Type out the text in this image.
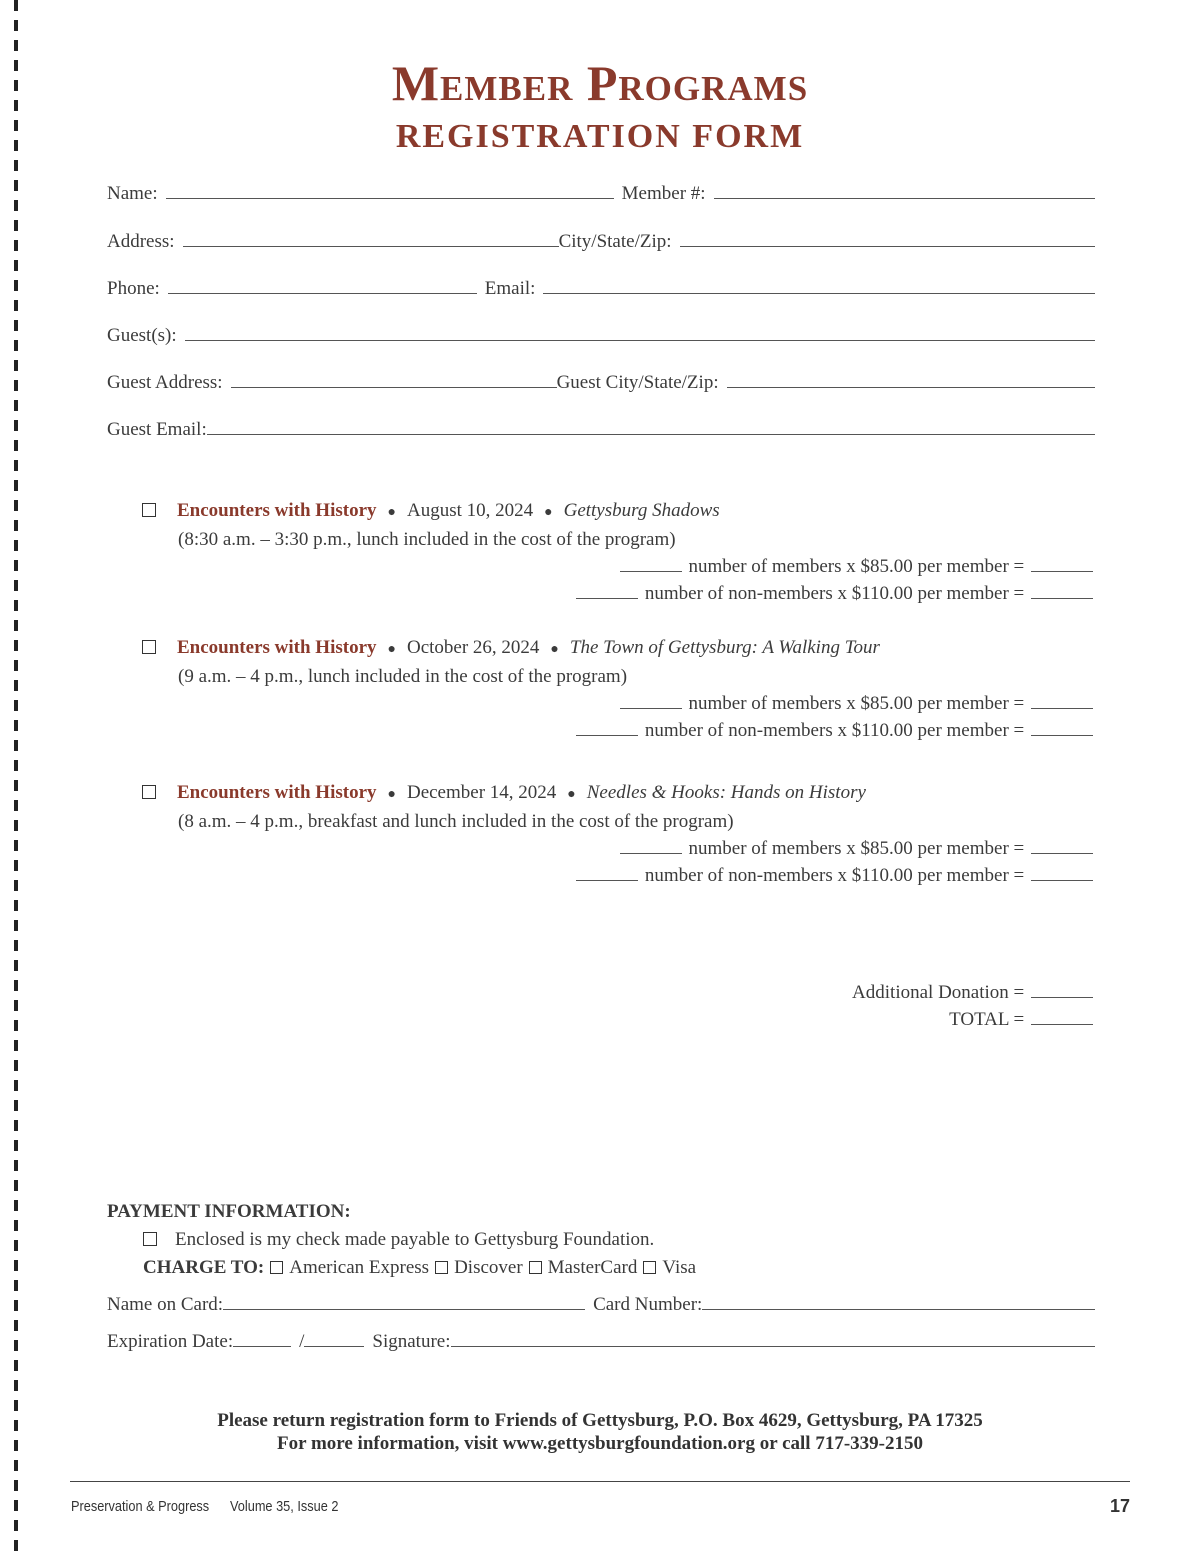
Member Programs
REGISTRATION FORM
Name:	Member #:
Address:	City/State/Zip:
Phone:	Email:
Guest(s):
Guest Address:	Guest City/State/Zip:
Guest Email:
Encounters with History ● August 10, 2024 ● Gettysburg Shadows
(8:30 a.m. – 3:30 p.m., lunch included in the cost of the program)
number of members x $85.00 per member =
number of non-members x $110.00 per member =
Encounters with History ● October 26, 2024 ● The Town of Gettysburg: A Walking Tour
(9 a.m. – 4 p.m., lunch included in the cost of the program)
number of members x $85.00 per member =
number of non-members x $110.00 per member =
Encounters with History ● December 14, 2024 ● Needles & Hooks: Hands on History
(8 a.m. – 4 p.m., breakfast and lunch included in the cost of the program)
number of members x $85.00 per member =
number of non-members x $110.00 per member =
Additional Donation =
TOTAL =
PAYMENT INFORMATION:
Enclosed is my check made payable to Gettysburg Foundation.
CHARGE TO: American Express Discover MasterCard Visa
Name on Card:	Card Number:
Expiration Date:	/	Signature:
Please return registration form to Friends of Gettysburg, P.O. Box 4629, Gettysburg, PA 17325
For more information, visit www.gettysburgfoundation.org or call 717-339-2150
Preservation & Progress Volume 35, Issue 2	17
